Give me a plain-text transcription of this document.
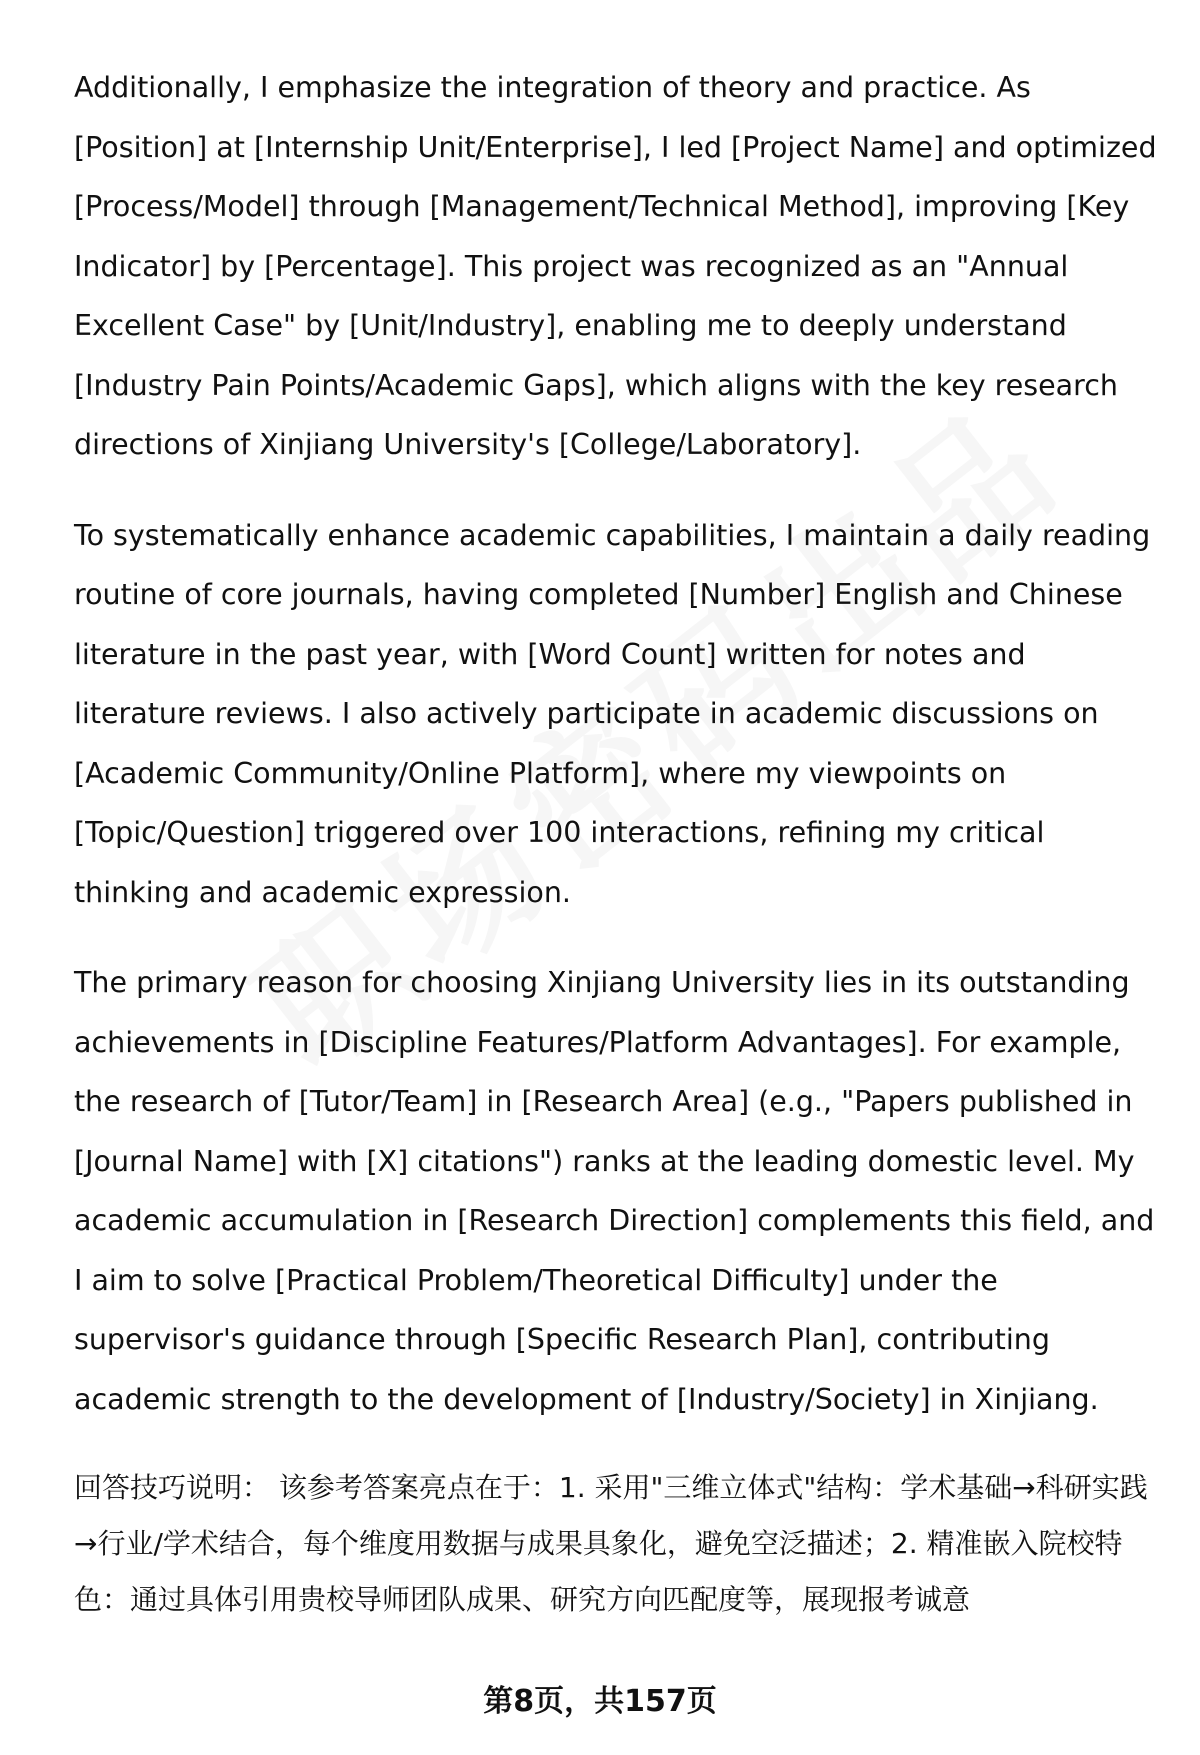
Additionally, I emphasize the integration of theory and practice. As [Position] at [Internship Unit/Enterprise], I led [Project Name] and optimized [Process/Model] through [Management/Technical Method], improving [Key Indicator] by [Percentage]. This project was recognized as an "Annual Excellent Case" by [Unit/Industry], enabling me to deeply understand [Industry Pain Points/Academic Gaps], which aligns with the key research directions of Xinjiang University's [College/Laboratory].

To systematically enhance academic capabilities, I maintain a daily reading routine of core journals, having completed [Number] English and Chinese literature in the past year, with [Word Count] written for notes and literature reviews. I also actively participate in academic discussions on [Academic Community/Online Platform], where my viewpoints on [Topic/Question] triggered over 100 interactions, refining my critical thinking and academic expression.

The primary reason for choosing Xinjiang University lies in its outstanding achievements in [Discipline Features/Platform Advantages]. For example, the research of [Tutor/Team] in [Research Area] (e.g., "Papers published in [Journal Name] with [X] citations") ranks at the leading domestic level. My academic accumulation in [Research Direction] complements this field, and I aim to solve [Practical Problem/Theoretical Difficulty] under the supervisor's guidance through [Specific Research Plan], contributing academic strength to the development of [Industry/Society] in Xinjiang.

回答技巧说明： 该参考答案亮点在于：1. 采用"三维立体式"结构：学术基础→科研实践→行业/学术结合，每个维度用数据与成果具象化，避免空泛描述；2. 精准嵌入院校特色：通过具体引用贵校导师团队成果、研究方向匹配度等，展现报考诚意

第8页，共157页
